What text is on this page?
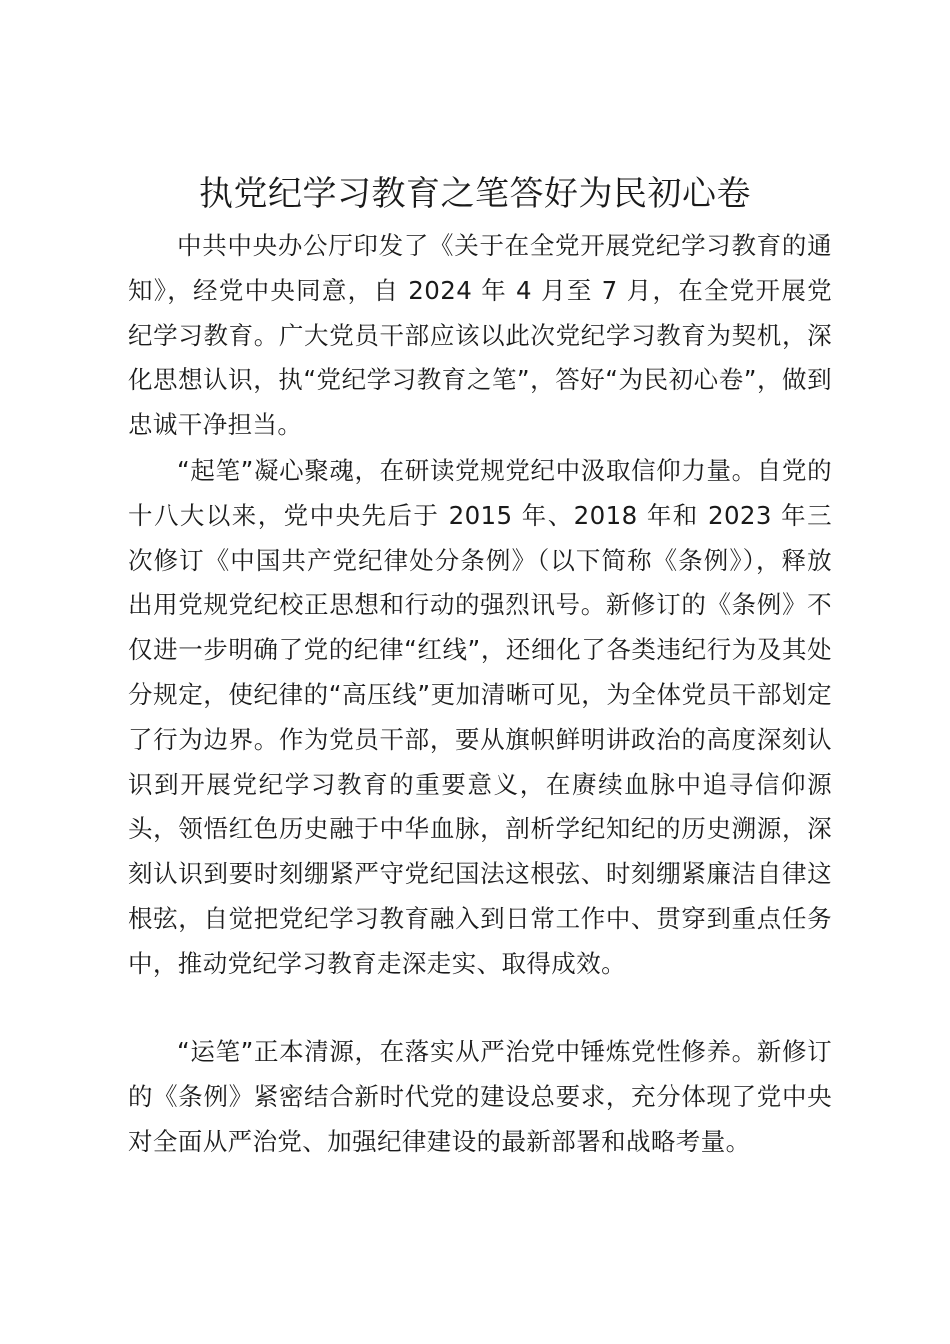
执党纪学习教育之笔答好为民初心卷

中共中央办公厅印发了《关于在全党开展党纪学习教育的通知》，经党中央同意，自 2024 年 4 月至 7 月，在全党开展党纪学习教育。广大党员干部应该以此次党纪学习教育为契机，深化思想认识，执“党纪学习教育之笔”，答好“为民初心卷”，做到忠诚干净担当。

“起笔”凝心聚魂，在研读党规党纪中汲取信仰力量。自党的十八大以来，党中央先后于 2015 年、2018 年和 2023 年三次修订《中国共产党纪律处分条例》（以下简称《条例》），释放出用党规党纪校正思想和行动的强烈讯号。新修订的《条例》不仅进一步明确了党的纪律“红线”，还细化了各类违纪行为及其处分规定，使纪律的“高压线”更加清晰可见，为全体党员干部划定了行为边界。作为党员干部，要从旗帜鲜明讲政治的高度深刻认识到开展党纪学习教育的重要意义，在赓续血脉中追寻信仰源头，领悟红色历史融于中华血脉，剖析学纪知纪的历史溯源，深刻认识到要时刻绷紧严守党纪国法这根弦、时刻绷紧廉洁自律这根弦，自觉把党纪学习教育融入到日常工作中、贯穿到重点任务中，推动党纪学习教育走深走实、取得成效。

“运笔”正本清源，在落实从严治党中锤炼党性修养。新修订的《条例》紧密结合新时代党的建设总要求，充分体现了党中央对全面从严治党、加强纪律建设的最新部署和战略考量。
